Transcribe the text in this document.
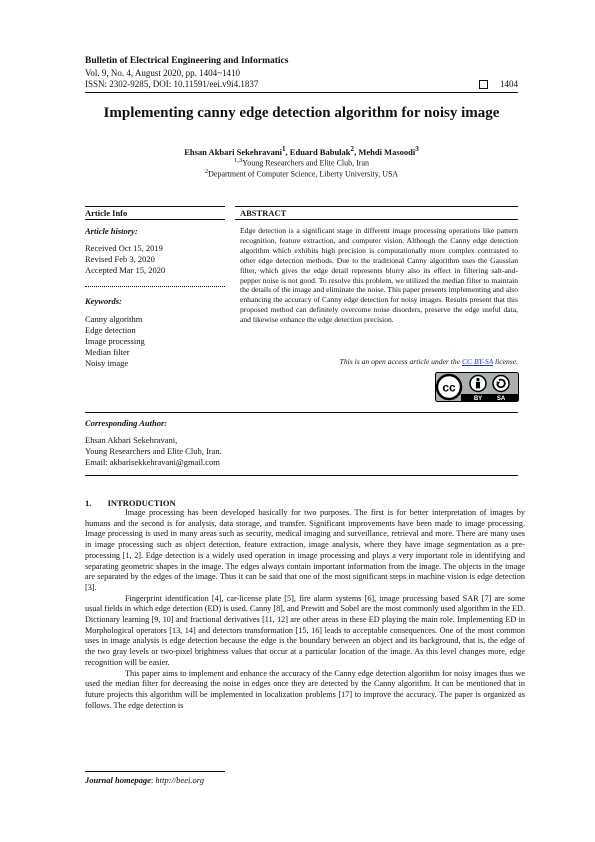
Bulletin of Electrical Engineering and Informatics
Vol. 9, No. 4, August 2020, pp. 1404~1410
ISSN: 2302-9285, DOI: 10.11591/eei.v9i4.1837	1404
Implementing canny edge detection algorithm for noisy image
Ehsan Akbari Sekehravani$^1$, Eduard Babulak$^2$, Mehdi Masoodi$^3$
$^{1,3}$Young Researchers and Elite Club, Iran
$^2$Department of Computer Science, Liberty University, USA
Article Info
Article history:
Received Oct 15, 2019
Revised Feb 3, 2020
Accepted Mar 15, 2020
Keywords:
Canny algorithm
Edge detection
Image processing
Median filter
Noisy image
ABSTRACT
Edge detection is a significant stage in different image processing operations like pattern recognition, feature extraction, and computer vision. Although the Canny edge detection algorithm which exhibits high precision is computationally more complex contrasted to other edge detection methods. Due to the traditional Canny algorithm uses the Gaussian filter, which gives the edge detail represents blurry also its effect in filtering salt-and-pepper noise is not good. To resolve this problem, we utilized the median filter to maintain the details of the image and eliminate the noise. This paper presents implementing and also enhancing the accuracy of Canny edge detection for noisy images. Results present that this proposed method can definitely overcome noise disorders, preserve the edge useful data, and likewise enhance the edge detection precision.
This is an open access article under the CC BY-SA license.
cc
BY SA
Corresponding Author:
Ehsan Akbari Sekehravani,
Young Researchers and Elite Club, Iran.
Email: akbarisekkehravani@gmail.com
1. INTRODUCTION

Image processing has been developed basically for two purposes. The first is for better interpretation of images by humans and the second is for analysis, data storage, and transfer. Significant improvements have been made to image processing. Image processing is used in many areas such as security, medical imaging and surveillance, retrieval and more. There are many uses in image processing such as object detection, feature extraction, image analysis, where they have image segmentation as a pre-processing [1, 2]. Edge detection is a widely used operation in image processing and plays a very important role in identifying and separating geometric shapes in the image. The edges always contain important information from the image. The objects in the image are separated by the edges of the image. Thus it can be said that one of the most significant steps in machine vision is edge detection [3].

Fingerprint identification [4], car-license plate [5], fire alarm systems [6], image processing based SAR [7] are some usual fields in which edge detection (ED) is used. Canny [8], and Prewitt and Sobel are the most commonly used algorithm in the ED. Dictionary learning [9, 10] and fractional derivatives [11, 12] are other areas in these ED playing the main role. Implementing ED in Morphological operators [13, 14] and detectors transformation [15, 16] leads to acceptable consequences. One of the most common uses in image analysis is edge detection because the edge is the boundary between an object and its background, that is, the edge of the two gray levels or two-pixel brightness values that occur at a particular location of the image. As this level changes more, edge recognition will be easier.

This paper aims to implement and enhance the accuracy of the Canny edge detection algorithm for noisy images thus we used the median filter for decreasing the noise in edges once they are detected by the Canny algorithm. It can be mentioned that in future projects this algorithm will be implemented in localization problems [17] to improve the accuracy. The paper is organized as follows. The edge detection is

Journal homepage: http://beei.org
